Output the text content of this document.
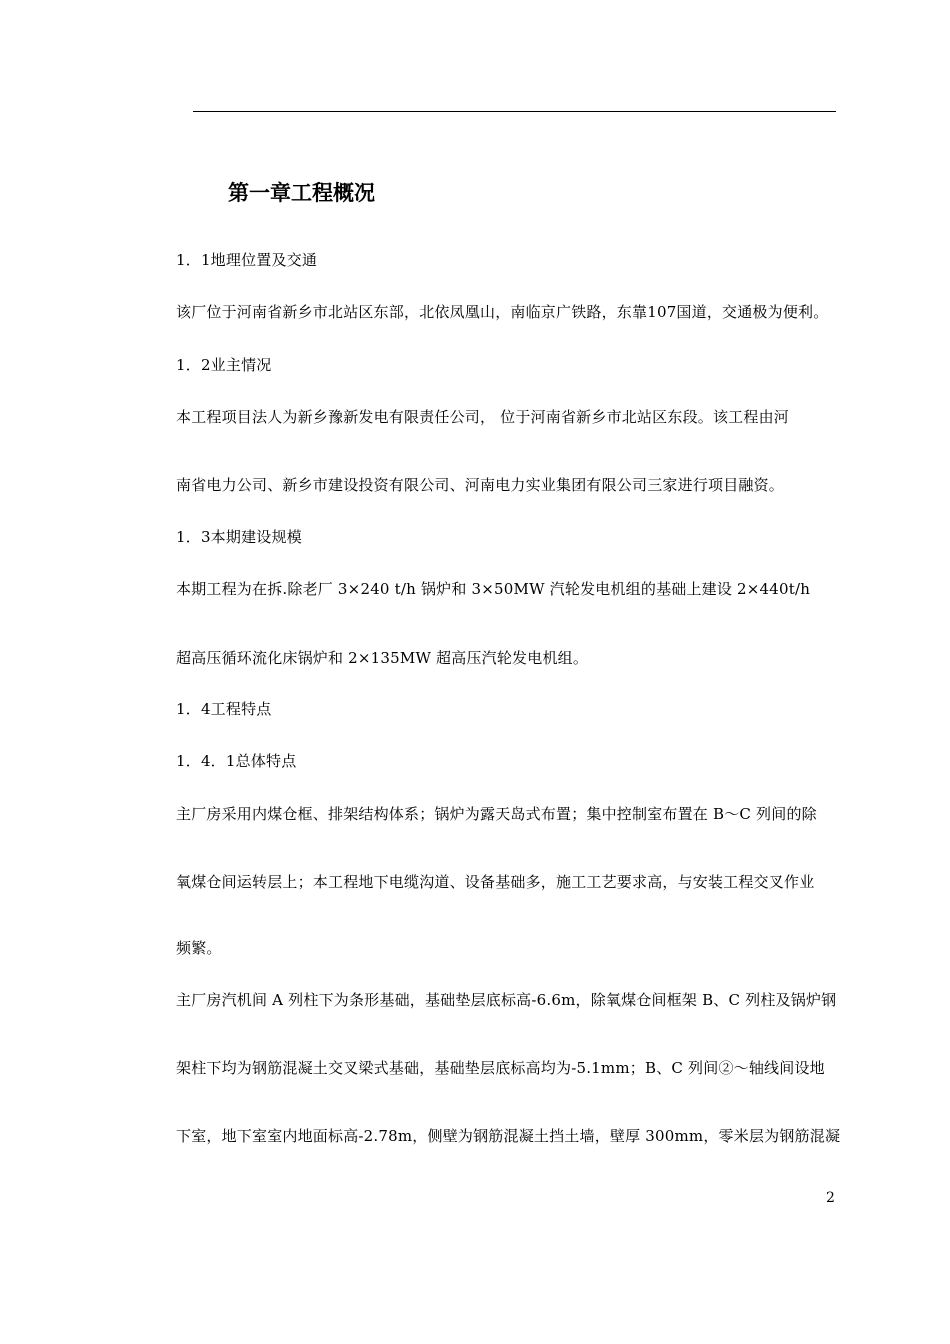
第一章工程概况
1．1地理位置及交通
该厂位于河南省新乡市北站区东部，北依凤凰山，南临京广铁路，东靠107国道，交通极为便利。
1．2业主情况
本工程项目法人为新乡豫新发电有限责任公司， 位于河南省新乡市北站区东段。该工程由河
南省电力公司、新乡市建设投资有限公司、河南电力实业集团有限公司三家进行项目融资。
1．3本期建设规模
本期工程为在拆.除老厂 3×240 t/h 锅炉和 3×50MW 汽轮发电机组的基础上建设 2×440t/h
超高压循环流化床锅炉和 2×135MW 超高压汽轮发电机组。
1．4工程特点
1．4．1总体特点
主厂房采用内煤仓框、排架结构体系；锅炉为露天岛式布置；集中控制室布置在 B～C 列间的除
氧煤仓间运转层上；本工程地下电缆沟道、设备基础多，施工工艺要求高，与安装工程交叉作业
频繁。
主厂房汽机间 A 列柱下为条形基础，基础垫层底标高-6.6m，除氧煤仓间框架 B、C 列柱及锅炉钢
架柱下均为钢筋混凝土交叉梁式基础，基础垫层底标高均为-5.1mm；B、C 列间②～轴线间设地
下室，地下室室内地面标高-2.78m，侧壁为钢筋混凝土挡土墙，壁厚 300mm，零米层为钢筋混凝
2
